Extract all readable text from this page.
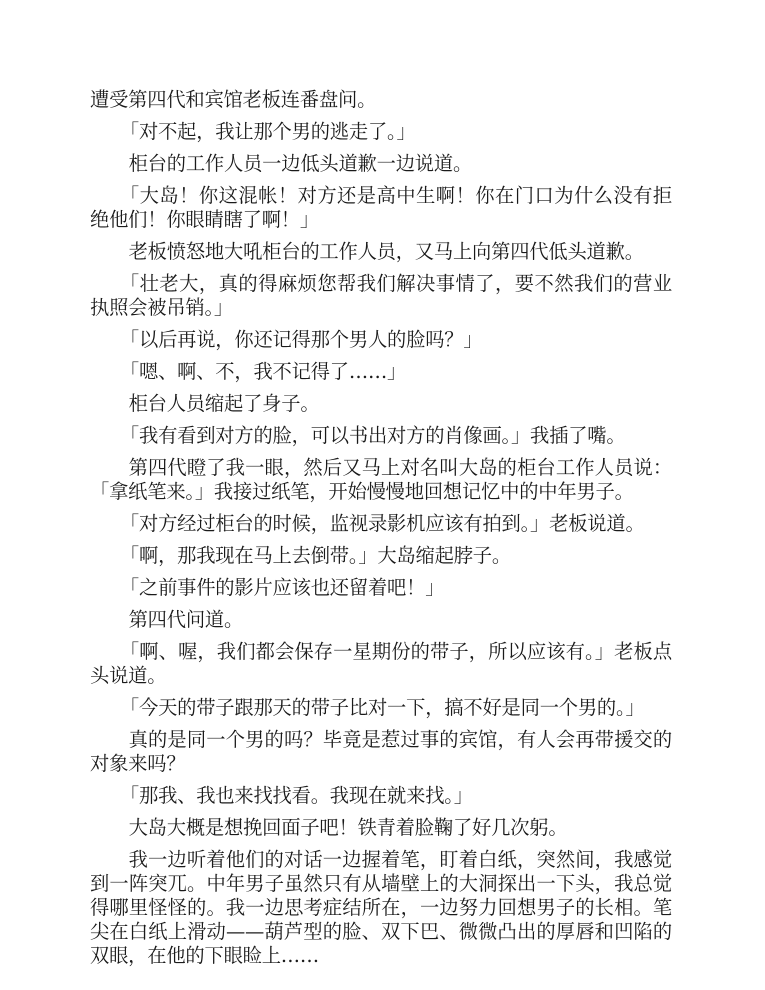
遭受第四代和宾馆老板连番盘问。

「对不起，我让那个男的逃走了。」

柜台的工作人员一边低头道歉一边说道。

「大岛！你这混帐！对方还是高中生啊！你在门口为什么没有拒绝他们！你眼睛瞎了啊！」

老板愤怒地大吼柜台的工作人员，又马上向第四代低头道歉。

「壮老大，真的得麻烦您帮我们解决事情了，要不然我们的营业执照会被吊销。」

「以后再说，你还记得那个男人的脸吗？」

「嗯、啊、不，我不记得了……」

柜台人员缩起了身子。

「我有看到对方的脸，可以书出对方的肖像画。」我插了嘴。

第四代瞪了我一眼，然后又马上对名叫大岛的柜台工作人员说：「拿纸笔来。」我接过纸笔，开始慢慢地回想记忆中的中年男子。

「对方经过柜台的时候，监视录影机应该有拍到。」老板说道。

「啊，那我现在马上去倒带。」大岛缩起脖子。

「之前事件的影片应该也还留着吧！」

第四代问道。

「啊、喔，我们都会保存一星期份的带子，所以应该有。」老板点头说道。

「今天的带子跟那天的带子比对一下，搞不好是同一个男的。」

真的是同一个男的吗？毕竟是惹过事的宾馆，有人会再带援交的对象来吗？

「那我、我也来找找看。我现在就来找。」

大岛大概是想挽回面子吧！铁青着脸鞠了好几次躬。

我一边听着他们的对话一边握着笔，盯着白纸，突然间，我感觉到一阵突兀。中年男子虽然只有从墙壁上的大洞探出一下头，我总觉得哪里怪怪的。我一边思考症结所在，一边努力回想男子的长相。笔尖在白纸上滑动——葫芦型的脸、双下巴、微微凸出的厚唇和凹陷的双眼，在他的下眼睑上……
